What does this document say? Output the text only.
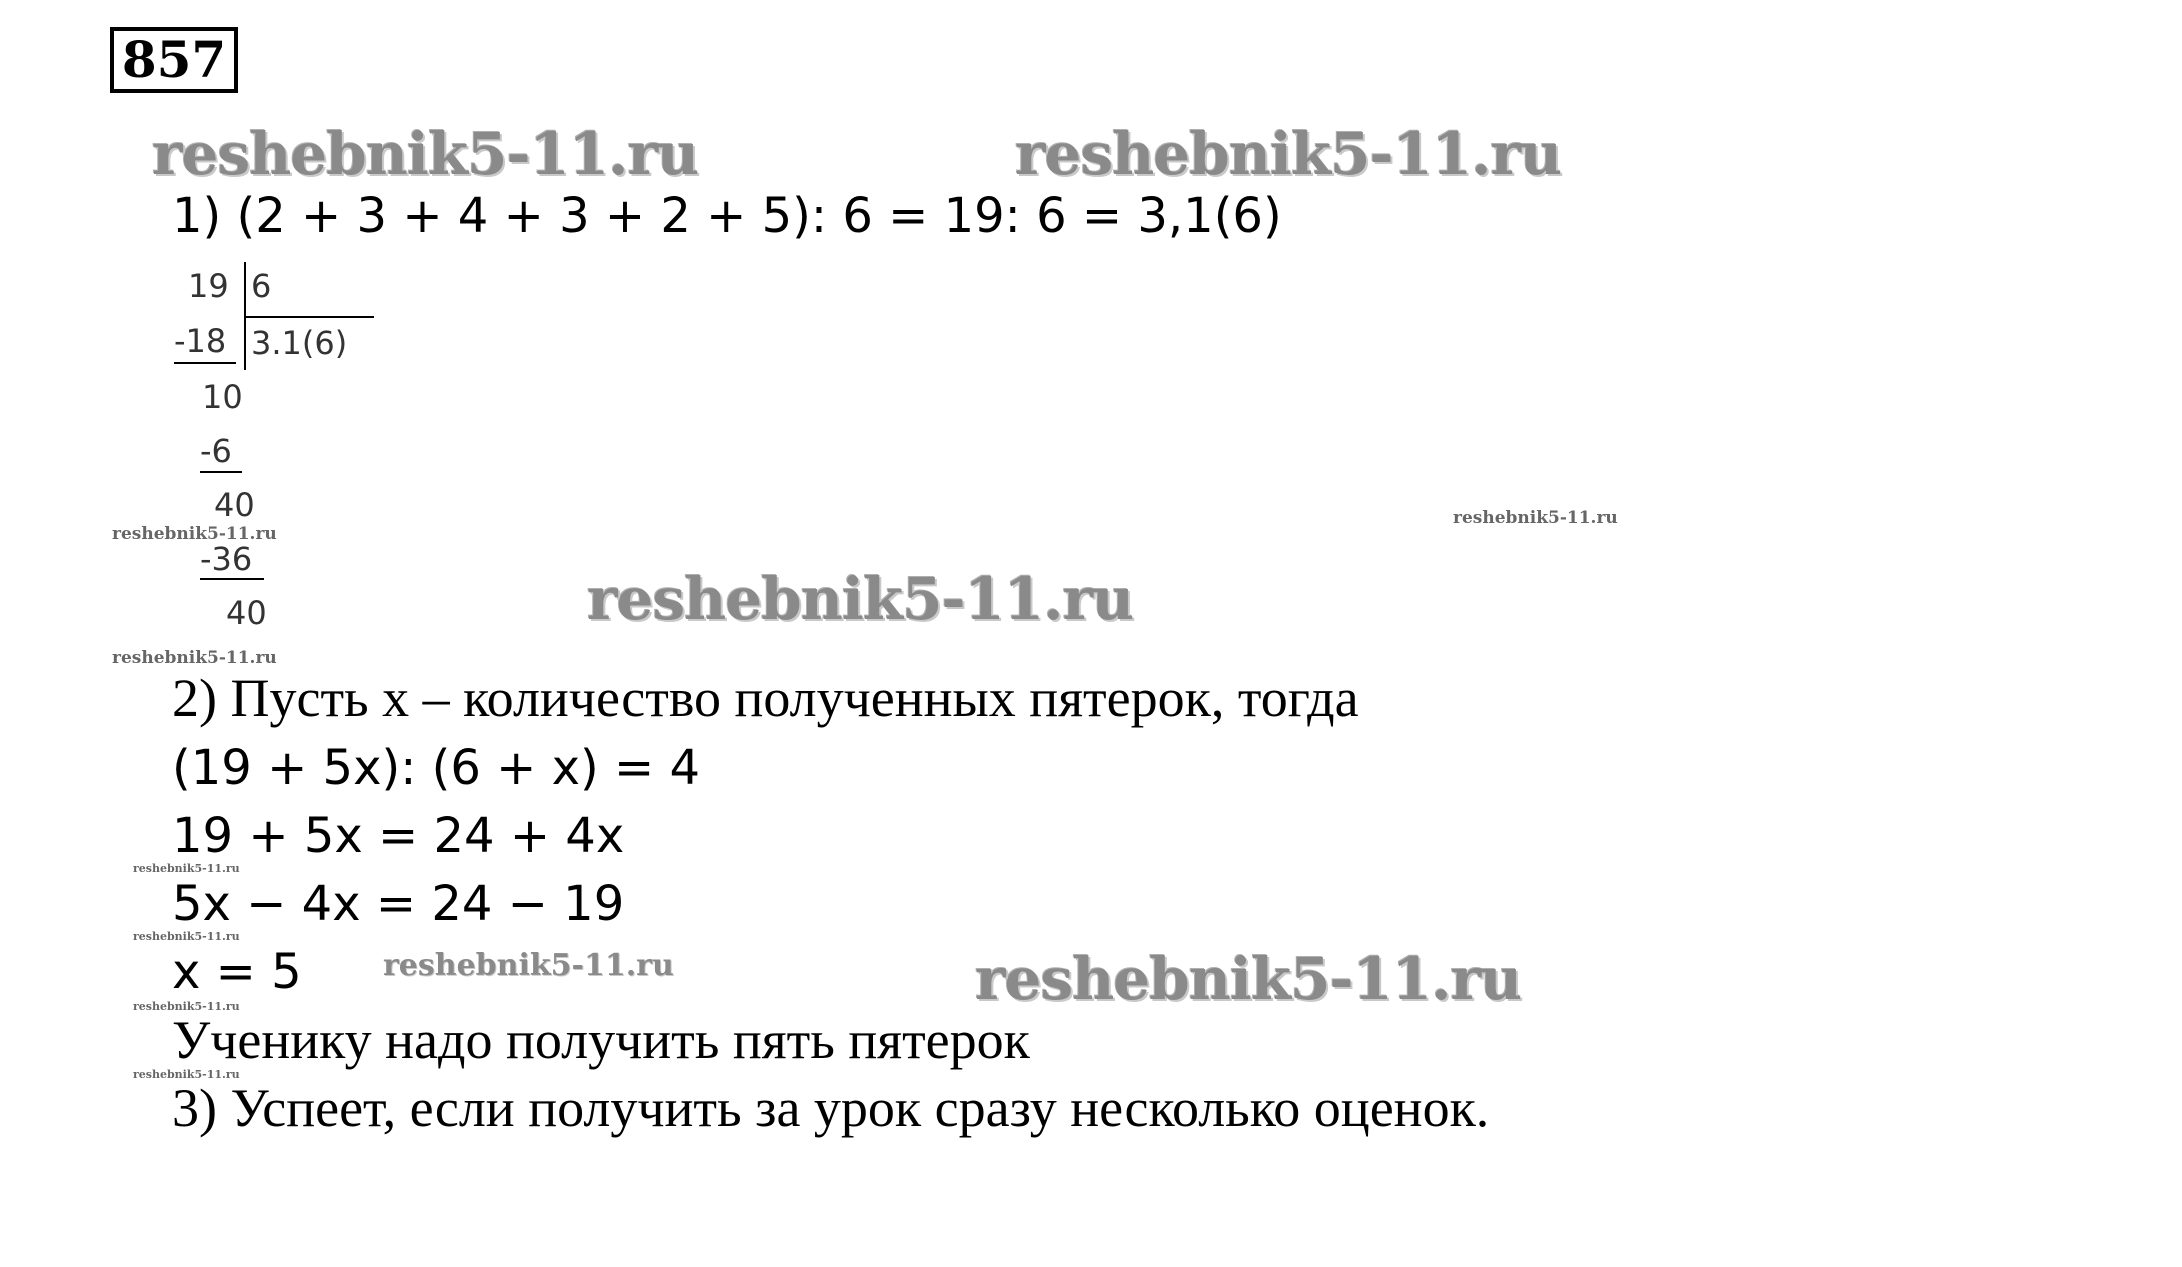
857
reshebnik5-11.ru	reshebnik5-11.ru
1) (2 + 3 + 4 + 3 + 2 + 5): 6 = 19: 6 = 3,1(6)
19 6
-18 3.1(6)
10
-6
40
-36
40
reshebnik5-11.ru
reshebnik5-11.ru
reshebnik5-11.ru
reshebnik5-11.ru
2) Пусть x – количество полученных пятерок, тогда
(19 + 5x): (6 + x) = 4
19 + 5x = 24 + 4x
reshebnik5-11.ru
5x − 4x = 24 − 19
reshebnik5-11.ru
x = 5	reshebnik5-11.ru	reshebnik5-11.ru
reshebnik5-11.ru
Ученику надо получить пять пятерок
reshebnik5-11.ru
3) Успеет, если получить за урок сразу несколько оценок.
